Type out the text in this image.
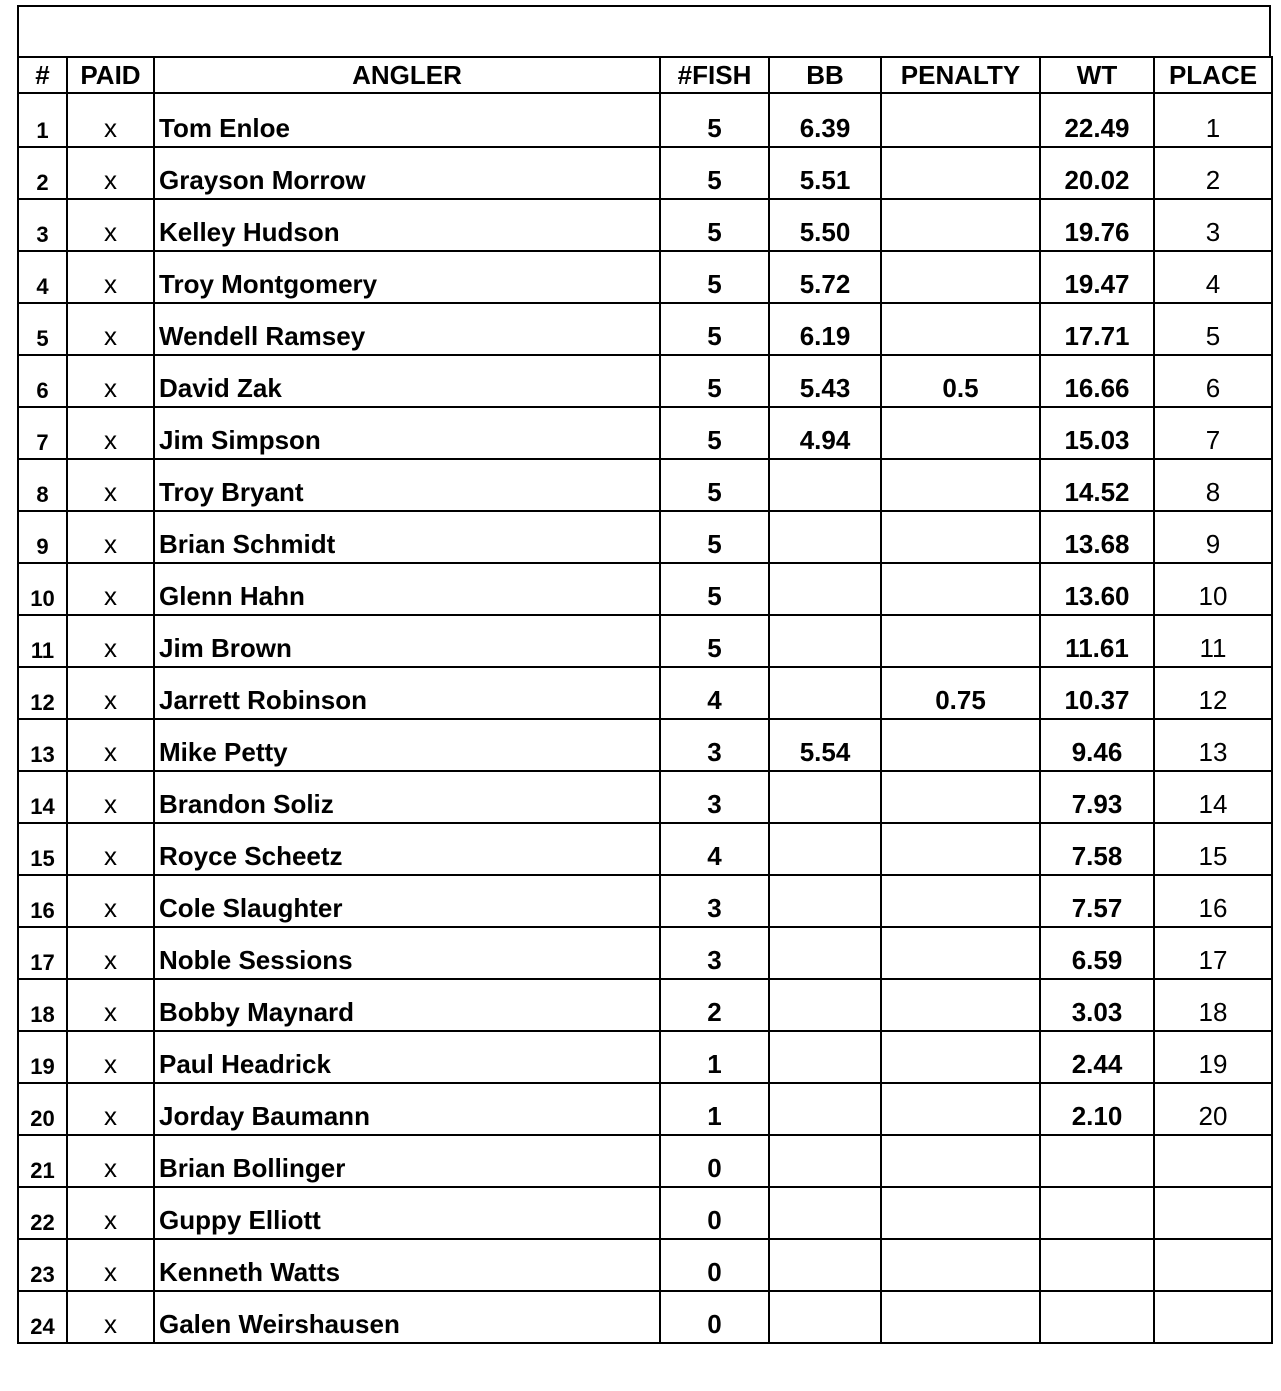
#	PAID	ANGLER	#FISH	BB	PENALTY	WT	PLACE
1	x	Tom Enloe	5	6.39		22.49	1
2	x	Grayson Morrow	5	5.51		20.02	2
3	x	Kelley Hudson	5	5.50		19.76	3
4	x	Troy Montgomery	5	5.72		19.47	4
5	x	Wendell Ramsey	5	6.19		17.71	5
6	x	David Zak	5	5.43	0.5	16.66	6
7	x	Jim Simpson	5	4.94		15.03	7
8	x	Troy Bryant	5			14.52	8
9	x	Brian Schmidt	5			13.68	9
10	x	Glenn Hahn	5			13.60	10
11	x	Jim Brown	5			11.61	11
12	x	Jarrett Robinson	4		0.75	10.37	12
13	x	Mike Petty	3	5.54		9.46	13
14	x	Brandon Soliz	3			7.93	14
15	x	Royce Scheetz	4			7.58	15
16	x	Cole Slaughter	3			7.57	16
17	x	Noble Sessions	3			6.59	17
18	x	Bobby Maynard	2			3.03	18
19	x	Paul Headrick	1			2.44	19
20	x	Jorday Baumann	1			2.10	20
21	x	Brian Bollinger	0				
22	x	Guppy Elliott	0				
23	x	Kenneth Watts	0				
24	x	Galen Weirshausen	0				
